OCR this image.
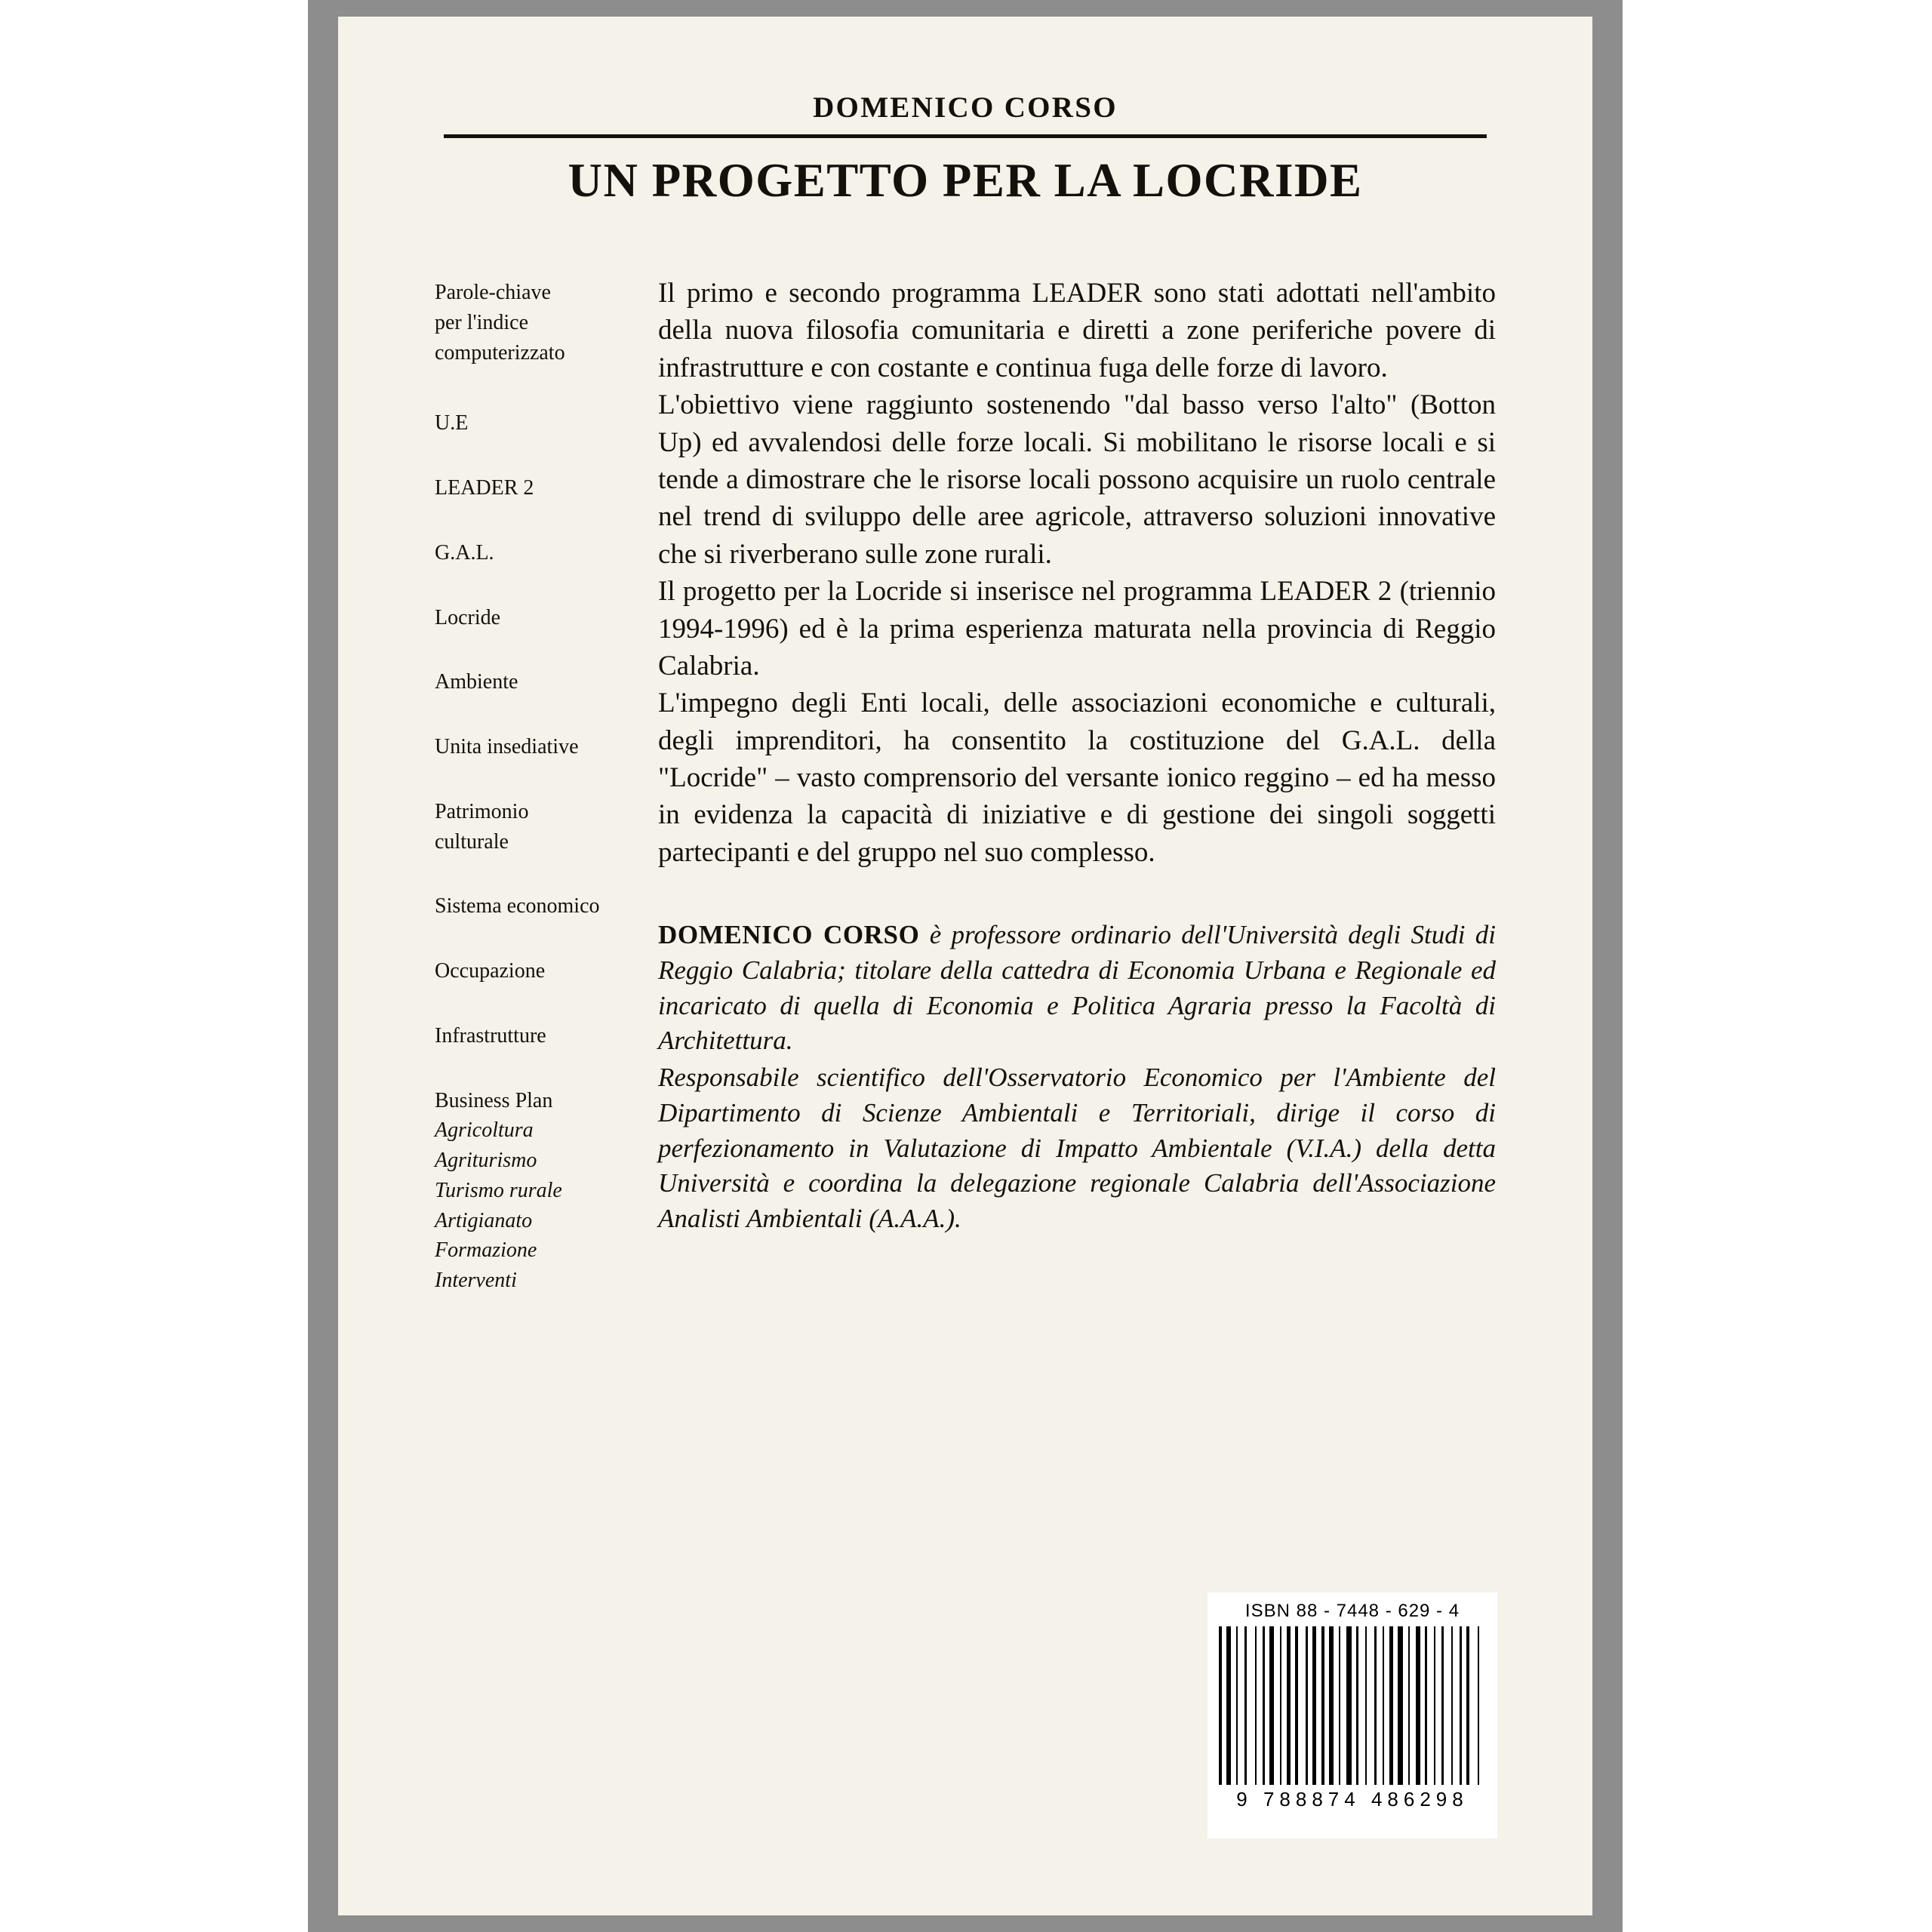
DOMENICO CORSO
UN PROGETTO PER LA LOCRIDE
Parole-chiave
per l'indice
computerizzato
U.E
LEADER 2
G.A.L.
Locride
Ambiente
Unita insediative
Patrimonio
culturale
Sistema economico
Occupazione
Infrastrutture
Business Plan
Agricoltura
Agriturismo
Turismo rurale
Artigianato
Formazione
Interventi

Il primo e secondo programma LEADER sono stati adottati nell'ambito della nuova filosofia comunitaria e diretti a zone periferiche povere di infrastrutture e con costante e continua fuga delle forze di lavoro.

L'obiettivo viene raggiunto sostenendo "dal basso verso l'alto" (Botton Up) ed avvalendosi delle forze locali. Si mobilitano le risorse locali e si tende a dimostrare che le risorse locali possono acquisire un ruolo centrale nel trend di sviluppo delle aree agricole, attraverso soluzioni innovative che si riverberano sulle zone rurali.

Il progetto per la Locride si inserisce nel programma LEADER 2 (triennio 1994-1996) ed è la prima esperienza maturata nella provincia di Reggio Calabria.

L'impegno degli Enti locali, delle associazioni economiche e culturali, degli imprenditori, ha consentito la costituzione del G.A.L. della "Locride" – vasto comprensorio del versante ionico reggino – ed ha messo in evidenza la capacità di iniziative e di gestione dei singoli soggetti partecipanti e del gruppo nel suo complesso.

DOMENICO CORSO è professore ordinario dell'Università degli Studi di Reggio Calabria; titolare della cattedra di Economia Urbana e Regionale ed incaricato di quella di Economia e Politica Agraria presso la Facoltà di Architettura.
Responsabile scientifico dell'Osservatorio Economico per l'Ambiente del Dipartimento di Scienze Ambientali e Territoriali, dirige il corso di perfezionamento in Valutazione di Impatto Ambientale (V.I.A.) della detta Università e coordina la delegazione regionale Calabria dell'Associazione Analisti Ambientali (A.A.A.).
ISBN 88 - 7448 - 629 - 4
9 788874 486298
